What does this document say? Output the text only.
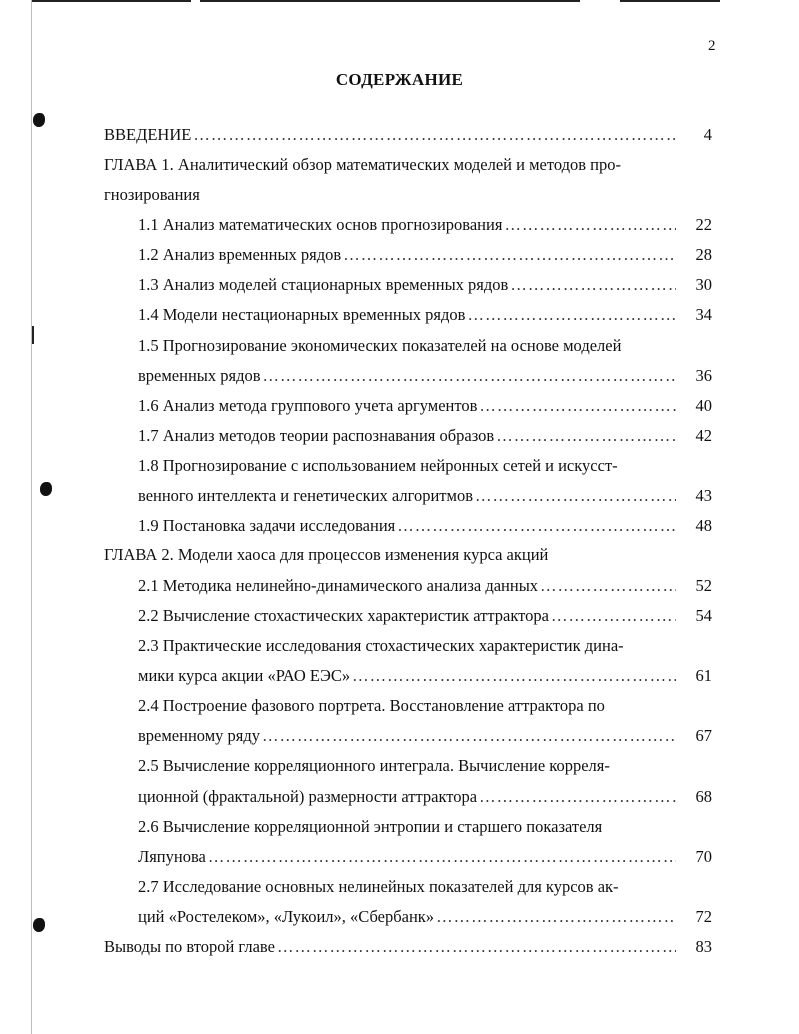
2
СОДЕРЖАНИЕ
ВВЕДЕНИЕ …………………………………………………………………………………………………………………………	4
ГЛАВА 1. Аналитический обзор математических моделей и методов про-
гнозирования
1.1 Анализ математических основ прогнозирования …………………………………………………………………………………………………………………………	22
1.2 Анализ временных рядов …………………………………………………………………………………………………………………………	28
1.3 Анализ моделей стационарных временных рядов …………………………………………………………………………………………………………………………	30
1.4 Модели нестационарных временных рядов …………………………………………………………………………………………………………………………	34
1.5 Прогнозирование экономических показателей на основе моделей
временных рядов …………………………………………………………………………………………………………………………	36
1.6 Анализ метода группового учета аргументов …………………………………………………………………………………………………………………………	40
1.7 Анализ методов теории распознавания образов …………………………………………………………………………………………………………………………	42
1.8 Прогнозирование с использованием нейронных сетей и искусст-
венного интеллекта и генетических алгоритмов …………………………………………………………………………………………………………………………	43
1.9 Постановка задачи исследования …………………………………………………………………………………………………………………………	48
ГЛАВА 2. Модели хаоса для процессов изменения курса акций
2.1 Методика нелинейно-динамического анализа данных …………………………………………………………………………………………………………………………	52
2.2 Вычисление стохастических характеристик аттрактора …………………………………………………………………………………………………………………………	54
2.3 Практические исследования стохастических характеристик дина-
мики курса акции «РАО ЕЭС» …………………………………………………………………………………………………………………………	61
2.4 Построение фазового портрета. Восстановление аттрактора по
временному ряду …………………………………………………………………………………………………………………………	67
2.5 Вычисление корреляционного интеграла. Вычисление корреля-
ционной (фрактальной) размерности аттрактора …………………………………………………………………………………………………………………………	68
2.6 Вычисление корреляционной энтропии и старшего показателя
Ляпунова …………………………………………………………………………………………………………………………	70
2.7 Исследование основных нелинейных показателей для курсов ак-
ций «Ростелеком», «Лукоил», «Сбербанк» …………………………………………………………………………………………………………………………	72
Выводы по второй главе …………………………………………………………………………………………………………………………	83
